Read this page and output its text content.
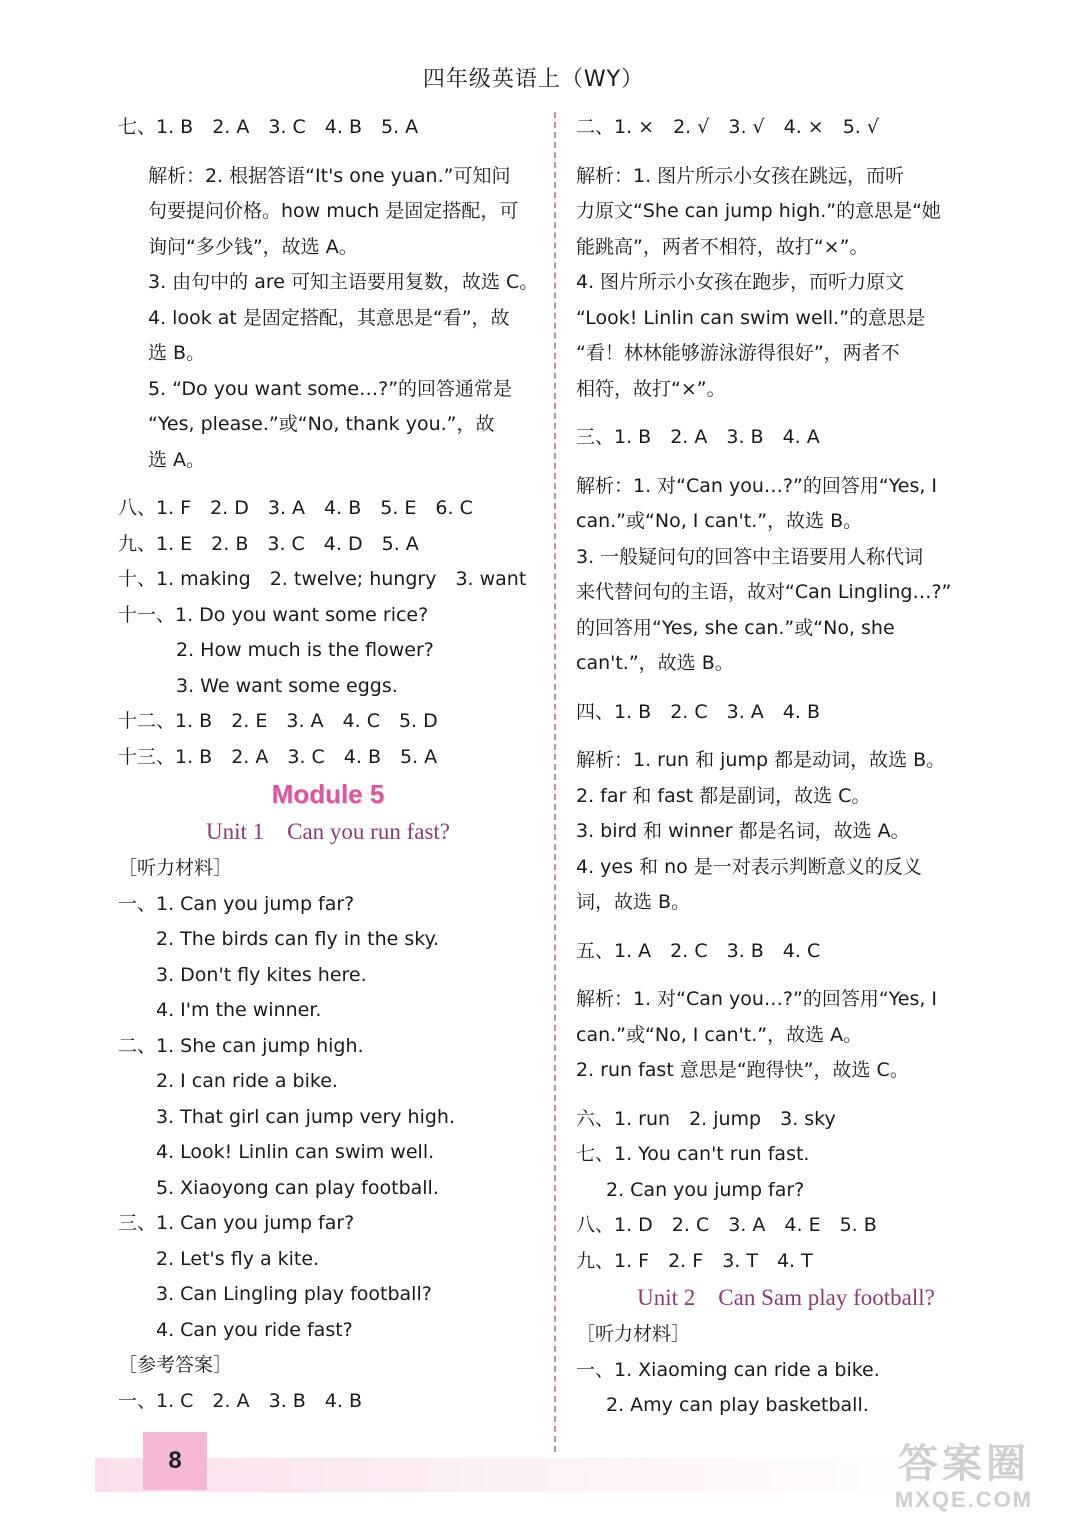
四年级英语上（WY）
七、1. B　2. A　3. C　4. B　5. A
解析：2. 根据答语“It's one yuan.”可知问
句要提问价格。how much 是固定搭配，可
询问“多少钱”，故选 A。
3. 由句中的 are 可知主语要用复数，故选 C。
4. look at 是固定搭配，其意思是“看”，故
选 B。
5. “Do you want some…?”的回答通常是
“Yes, please.”或“No, thank you.”，故
选 A。
八、1. F　2. D　3. A　4. B　5. E　6. C
九、1. E　2. B　3. C　4. D　5. A
十、1. making　2. twelve; hungry　3. want
十一、1. Do you want some rice?
2. How much is the flower?
3. We want some eggs.
十二、1. B　2. E　3. A　4. C　5. D
十三、1. B　2. A　3. C　4. B　5. A
Module 5
Unit 1　Can you run fast?
［听力材料］
一、1. Can you jump far?
2. The birds can fly in the sky.
3. Don't fly kites here.
4. I'm the winner.
二、1. She can jump high.
2. I can ride a bike.
3. That girl can jump very high.
4. Look! Linlin can swim well.
5. Xiaoyong can play football.
三、1. Can you jump far?
2. Let's fly a kite.
3. Can Lingling play football?
4. Can you ride fast?
［参考答案］
一、1. C　2. A　3. B　4. B
二、1. ×　2. √　3. √　4. ×　5. √
解析：1. 图片所示小女孩在跳远，而听
力原文“She can jump high.”的意思是“她
能跳高”，两者不相符，故打“×”。
4. 图片所示小女孩在跑步，而听力原文
“Look! Linlin can swim well.”的意思是
“看！林林能够游泳游得很好”，两者不
相符，故打“×”。
三、1. B　2. A　3. B　4. A
解析：1. 对“Can you…?”的回答用“Yes, I
can.”或“No, I can't.”，故选 B。
3. 一般疑问句的回答中主语要用人称代词
来代替问句的主语，故对“Can Lingling…?”
的回答用“Yes, she can.”或“No, she
can't.”，故选 B。
四、1. B　2. C　3. A　4. B
解析：1. run 和 jump 都是动词，故选 B。
2. far 和 fast 都是副词，故选 C。
3. bird 和 winner 都是名词，故选 A。
4. yes 和 no 是一对表示判断意义的反义
词，故选 B。
五、1. A　2. C　3. B　4. C
解析：1. 对“Can you…?”的回答用“Yes, I
can.”或“No, I can't.”，故选 A。
2. run fast 意思是“跑得快”，故选 C。
六、1. run　2. jump　3. sky
七、1. You can't run fast.
2. Can you jump far?
八、1. D　2. C　3. A　4. E　5. B
九、1. F　2. F　3. T　4. T
Unit 2　Can Sam play football?
［听力材料］
一、1. Xiaoming can ride a bike.
2. Amy can play basketball.
8	答案圈
MXQE.COM
